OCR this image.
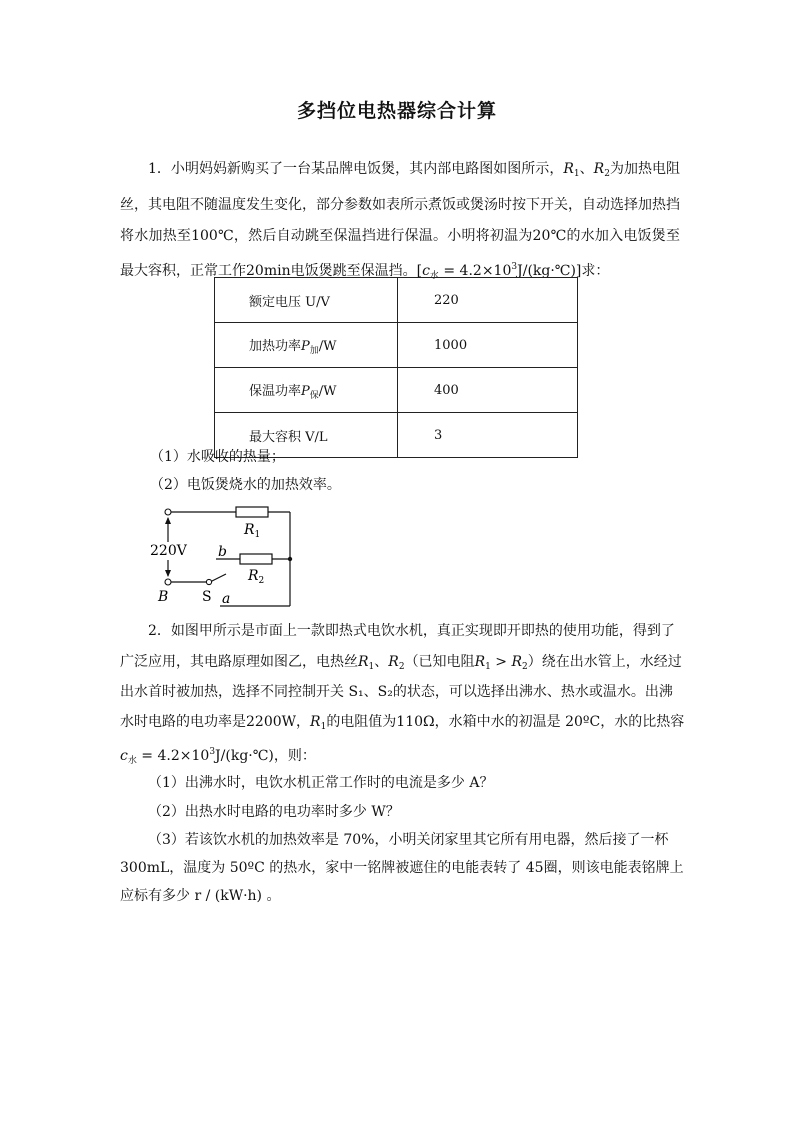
多挡位电热器综合计算
1．小明妈妈新购买了一台某品牌电饭煲，其内部电路图如图所示，$R_1$、$R_2$为加热电阻丝，其电阻不随温度发生变化，部分参数如表所示煮饭或煲汤时按下开关，自动选择加热挡将水加热至100℃，然后自动跳至保温挡进行保温。小明将初温为20℃的水加入电饭煲至最大容积，正常工作20min电饭煲跳至保温挡。[$c_水$ = $4.2\times 10^3J/(kg\cdot℃)$]求：
额定电压 U/V	220
加热功率$P_加/W$	1000
保温功率$P_保/W$	400
最大容积 V/L	3
（1）水吸收的热量；
（2）电饭煲烧水的加热效率。
$R_1$
$R_2$
220V b
a
B S
2．如图甲所示是市面上一款即热式电饮水机，真正实现即开即热的使用功能，得到了
广泛应用，其电路原理如图乙，电热丝$R_1$、$R_2$（已知电阻$R_1 > R_2$）绕在出水管上，水经过
出水首时被加热，选择不同控制开关 S₁、S₂的状态，可以选择出沸水、热水或温水。出沸
水时电路的电功率是2200W，$R_1$的电阻值为110Ω，水箱中水的初温是 20ºC，水的比热容
$c_水$ = $4.2\times 10^3J/(kg\cdot℃)$，则：
（1）出沸水时，电饮水机正常工作时的电流是多少 A？
（2）出热水时电路的电功率时多少 W？
（3）若该饮水机的加热效率是 70%，小明关闭家里其它所有用电器，然后接了一杯
300mL，温度为 50ºC 的热水，家中一铭牌被遮住的电能表转了 45圈，则该电能表铭牌上
应标有多少 r / (kW·h) 。
